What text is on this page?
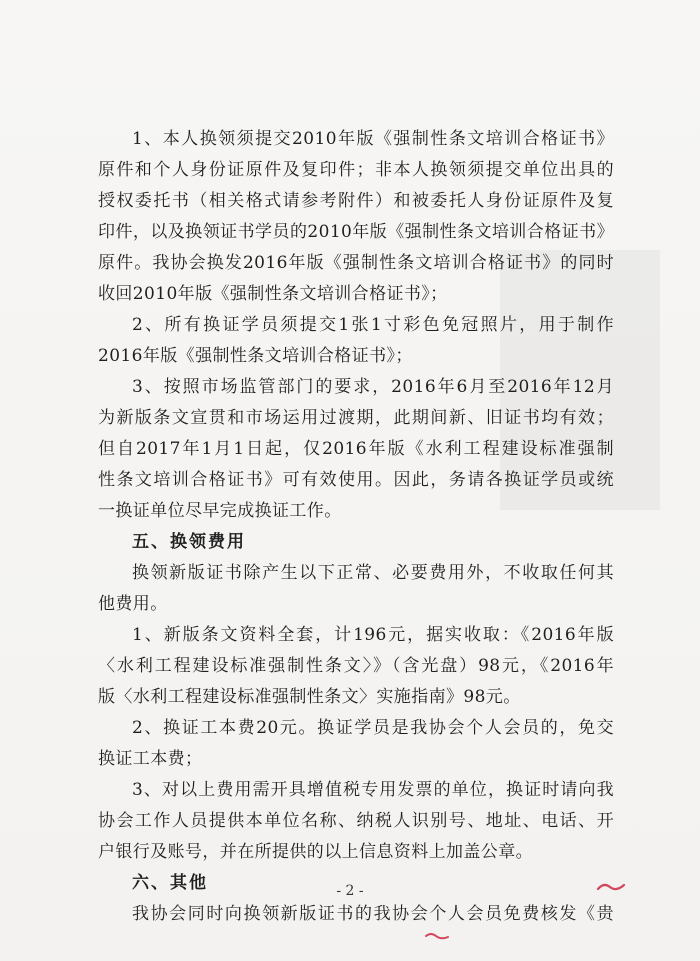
1、本人换领须提交2010年版《强制性条文培训合格证书》

原件和个人身份证原件及复印件；非本人换领须提交单位出具的

授权委托书（相关格式请参考附件）和被委托人身份证原件及复

印件，以及换领证书学员的2010年版《强制性条文培训合格证书》

原件。我协会换发2016年版《强制性条文培训合格证书》的同时

收回2010年版《强制性条文培训合格证书》；

2、所有换证学员须提交1张1寸彩色免冠照片，用于制作

2016年版《强制性条文培训合格证书》；

3、按照市场监管部门的要求，2016年6月至2016年12月

为新版条文宣贯和市场运用过渡期，此期间新、旧证书均有效；

但自2017年1月1日起，仅2016年版《水利工程建设标准强制

性条文培训合格证书》可有效使用。因此，务请各换证学员或统

一换证单位尽早完成换证工作。

五、换领费用

换领新版证书除产生以下正常、必要费用外，不收取任何其

他费用。

1、新版条文资料全套，计196元，据实收取：《2016年版

〈水利工程建设标准强制性条文〉》（含光盘）98元，《2016年

版〈水利工程建设标准强制性条文〉实施指南》98元。

2、换证工本费20元。换证学员是我协会个人会员的，免交

换证工本费；

3、对以上费用需开具增值税专用发票的单位，换证时请向我

协会工作人员提供本单位名称、纳税人识别号、地址、电话、开

户银行及账号，并在所提供的以上信息资料上加盖公章。

六、其他

我协会同时向换领新版证书的我协会个人会员免费核发《贵

- 2 -
